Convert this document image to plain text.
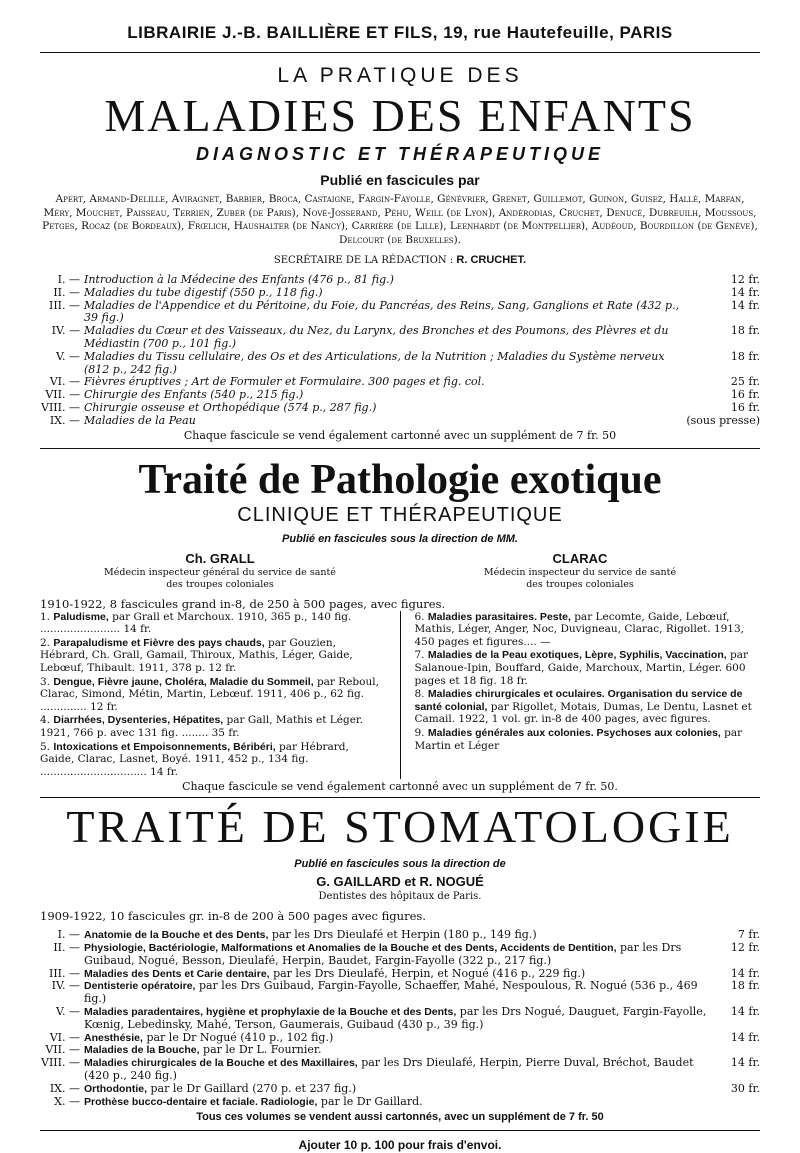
LIBRAIRIE J.-B. BAILLIÈRE ET FILS, 19, rue Hautefeuille, PARIS
LA PRATIQUE DES
MALADIES DES ENFANTS
DIAGNOSTIC ET THÉRAPEUTIQUE
Publié en fascicules par
Apert, Armand-Delille, Aviragnet, Barbier, Broca, Castaigne, Fargin-Fayolle, Génévrier, Grenet, Guillemot, Guinon, Guisez, Hallé, Marfan, Méry, Mouchet, Paisseau, Terrien, Zuber (de Paris), Nové-Josserand, Péhu, Weill (de Lyon), Andérodias, Cruchet, Denucé, Dubreuilh, Moussous, Petges, Rocaz (de Bordeaux), Frœlich, Haushalter (de Nancy), Carrière (de Lille), Leenhardt (de Montpellier), Audéoud, Bourdillon (de Genève), Delcourt (de Bruxelles).
SECRÉTAIRE DE LA RÉDACTION : R. CRUCHET.
I. —	Introduction à la Médecine des Enfants (476 p., 81 fig.)	12 fr.
II. —	Maladies du tube digestif (550 p., 118 fig.)	14 fr.
III. —	Maladies de l'Appendice et du Péritoine, du Foie, du Pancréas, des Reins, Sang, Ganglions et Rate (432 p., 39 fig.)	14 fr.
IV. —	Maladies du Cœur et des Vaisseaux, du Nez, du Larynx, des Bronches et des Poumons, des Plèvres et du Médiastin (700 p., 101 fig.)	18 fr.
V. —	Maladies du Tissu cellulaire, des Os et des Articulations, de la Nutrition ; Maladies du Système nerveux (812 p., 242 fig.)	18 fr.
VI. —	Fièvres éruptives ; Art de Formuler et Formulaire. 300 pages et fig. col.	25 fr.
VII. —	Chirurgie des Enfants (540 p., 215 fig.)	16 fr.
VIII. —	Chirurgie osseuse et Orthopédique (574 p., 287 fig.)	16 fr.
IX. —	Maladies de la Peau	(sous presse)
Chaque fascicule se vend également cartonné avec un supplément de 7 fr. 50
Traité de Pathologie exotique
CLINIQUE ET THÉRAPEUTIQUE
Publié en fascicules sous la direction de MM.
Ch. GRALL
Médecin inspecteur général du service de santé
des troupes coloniales
CLARAC
Médecin inspecteur du service de santé
des troupes coloniales
1910-1922, 8 fascicules grand in-8, de 250 à 500 pages, avec figures.
1. Paludisme, par Grall et Marchoux. 1910, 365 p., 140 fig. ........................ 14 fr.
2. Parapaludisme et Fièvre des pays chauds, par Gouzien, Hébrard, Ch. Grall, Gamail, Thiroux, Mathis, Léger, Gaide, Lebœuf, Thibault. 1911, 378 p. 12 fr.
3. Dengue, Fièvre jaune, Choléra, Maladie du Sommeil, par Reboul, Clarac, Simond, Métin, Martin, Lebœuf. 1911, 406 p., 62 fig. .............. 12 fr.
4. Diarrhées, Dysenteries, Hépatites, par Gall, Mathis et Léger. 1921, 766 p. avec 131 fig. ........ 35 fr.
5. Intoxications et Empoisonnements, Béribéri, par Hébrard, Gaide, Clarac, Lasnet, Boyé. 1911, 452 p., 134 fig. ................................ 14 fr.
6. Maladies parasitaires. Peste, par Lecomte, Gaide, Lebœuf, Mathis, Léger, Anger, Noc, Duvigneau, Clarac, Rigollet. 1913, 450 pages et figures.... —
7. Maladies de la Peau exotiques, Lèpre, Syphilis, Vaccination, par Salanoue-Ipin, Bouffard, Gaide, Marchoux, Martin, Léger. 600 pages et 18 fig. 18 fr.
8. Maladies chirurgicales et oculaires. Organisation du service de santé colonial, par Rigollet, Motais, Dumas, Le Dentu, Lasnet et Camail. 1922, 1 vol. gr. in-8 de 400 pages, avec figures.
9. Maladies générales aux colonies. Psychoses aux colonies, par Martin et Léger
Chaque fascicule se vend également cartonné avec un supplément de 7 fr. 50.
TRAITÉ DE STOMATOLOGIE
Publié en fascicules sous la direction de
G. GAILLARD et R. NOGUÉ
Dentistes des hôpitaux de Paris.
1909-1922, 10 fascicules gr. in-8 de 200 à 500 pages avec figures.
I. —	Anatomie de la Bouche et des Dents, par les Drs Dieulafé et Herpin (180 p., 149 fig.)	7 fr.
II. —	Physiologie, Bactériologie, Malformations et Anomalies de la Bouche et des Dents, Accidents de Dentition, par les Drs Guibaud, Nogué, Besson, Dieulafé, Herpin, Baudet, Fargin-Fayolle (322 p., 217 fig.)	12 fr.
III. —	Maladies des Dents et Carie dentaire, par les Drs Dieulafé, Herpin, et Nogué (416 p., 229 fig.)	14 fr.
IV. —	Dentisterie opératoire, par les Drs Guibaud, Fargin-Fayolle, Schaeffer, Mahé, Nespoulous, R. Nogué (536 p., 469 fig.)	18 fr.
V. —	Maladies paradentaires, hygiène et prophylaxie de la Bouche et des Dents, par les Drs Nogué, Dauguet, Fargin-Fayolle, Kœnig, Lebedinsky, Mahé, Terson, Gaumerais, Guibaud (430 p., 39 fig.)	14 fr.
VI. —	Anesthésie, par le Dr Nogué (410 p., 102 fig.)	14 fr.
VII. —	Maladies de la Bouche, par le Dr L. Fournier.	
VIII. —	Maladies chirurgicales de la Bouche et des Maxillaires, par les Drs Dieulafé, Herpin, Pierre Duval, Bréchot, Baudet (420 p., 240 fig.)	14 fr.
IX. —	Orthodontie, par le Dr Gaillard (270 p. et 237 fig.)	30 fr.
X. —	Prothèse bucco-dentaire et faciale. Radiologie, par le Dr Gaillard.	
Tous ces volumes se vendent aussi cartonnés, avec un supplément de 7 fr. 50
Ajouter 10 p. 100 pour frais d'envoi.
